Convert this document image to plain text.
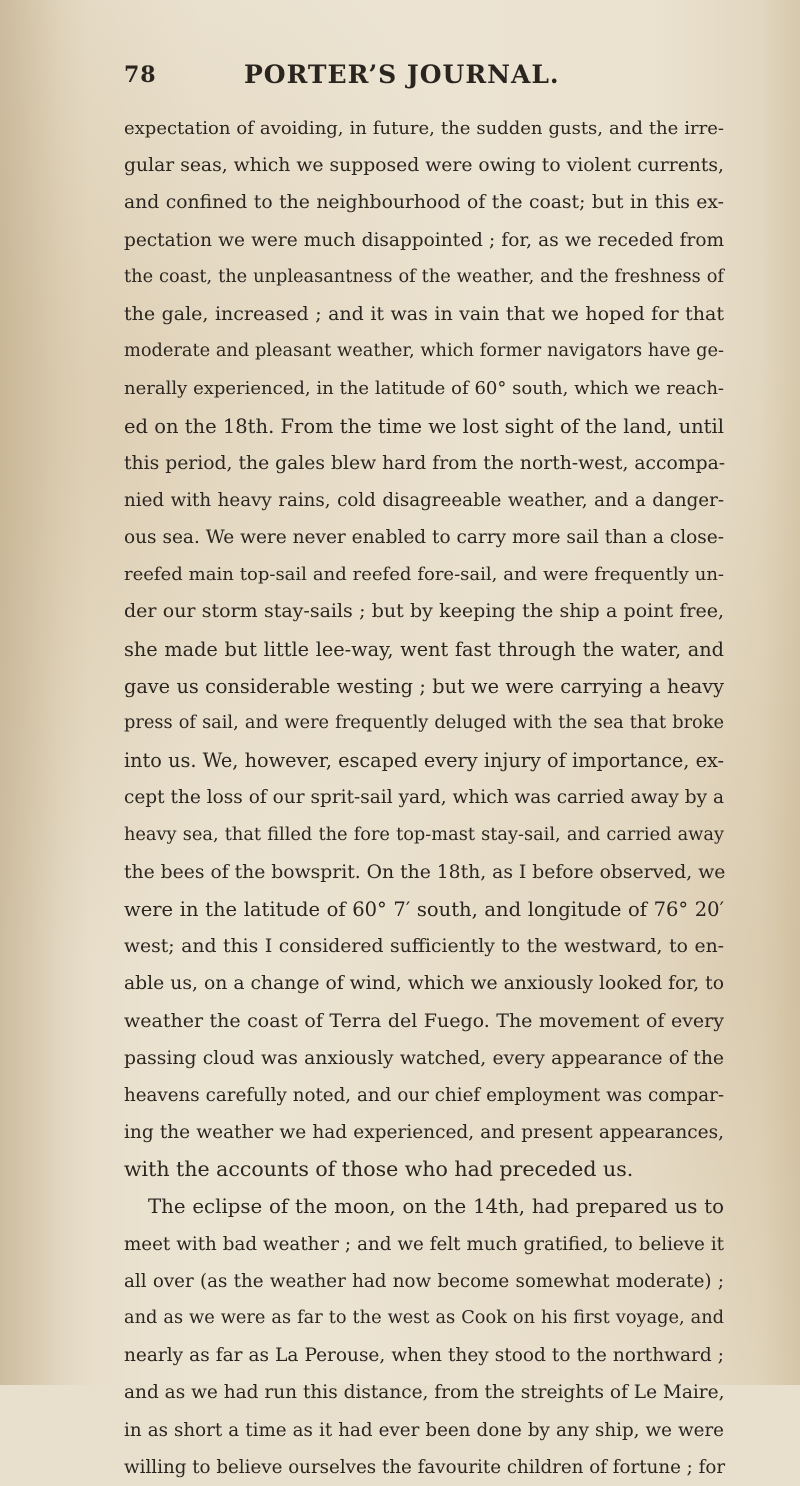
78	PORTER’S JOURNAL.
expectation of avoiding, in future, the sudden gusts, and the irre-
gular seas, which we supposed were owing to violent currents,
and confined to the neighbourhood of the coast; but in this ex-
pectation we were much disappointed ; for, as we receded from
the coast, the unpleasantness of the weather, and the freshness of
the gale, increased ; and it was in vain that we hoped for that
moderate and pleasant weather, which former navigators have ge-
nerally experienced, in the latitude of 60° south, which we reach-
ed on the 18th. From the time we lost sight of the land, until
this period, the gales blew hard from the north-west, accompa-
nied with heavy rains, cold disagreeable weather, and a danger-
ous sea. We were never enabled to carry more sail than a close-
reefed main top-sail and reefed fore-sail, and were frequently un-
der our storm stay-sails ; but by keeping the ship a point free,
she made but little lee-way, went fast through the water, and
gave us considerable westing ; but we were carrying a heavy
press of sail, and were frequently deluged with the sea that broke
into us. We, however, escaped every injury of importance, ex-
cept the loss of our sprit-sail yard, which was carried away by a
heavy sea, that filled the fore top-mast stay-sail, and carried away
the bees of the bowsprit. On the 18th, as I before observed, we
were in the latitude of 60° 7′ south, and longitude of 76° 20′
west; and this I considered sufficiently to the westward, to en-
able us, on a change of wind, which we anxiously looked for, to
weather the coast of Terra del Fuego. The movement of every
passing cloud was anxiously watched, every appearance of the
heavens carefully noted, and our chief employment was compar-
ing the weather we had experienced, and present appearances,
with the accounts of those who had preceded us.
The eclipse of the moon, on the 14th, had prepared us to
meet with bad weather ; and we felt much gratified, to believe it
all over (as the weather had now become somewhat moderate) ;
and as we were as far to the west as Cook on his first voyage, and
nearly as far as La Perouse, when they stood to the northward ;
and as we had run this distance, from the streights of Le Maire,
in as short a time as it had ever been done by any ship, we were
willing to believe ourselves the favourite children of fortune ; for
